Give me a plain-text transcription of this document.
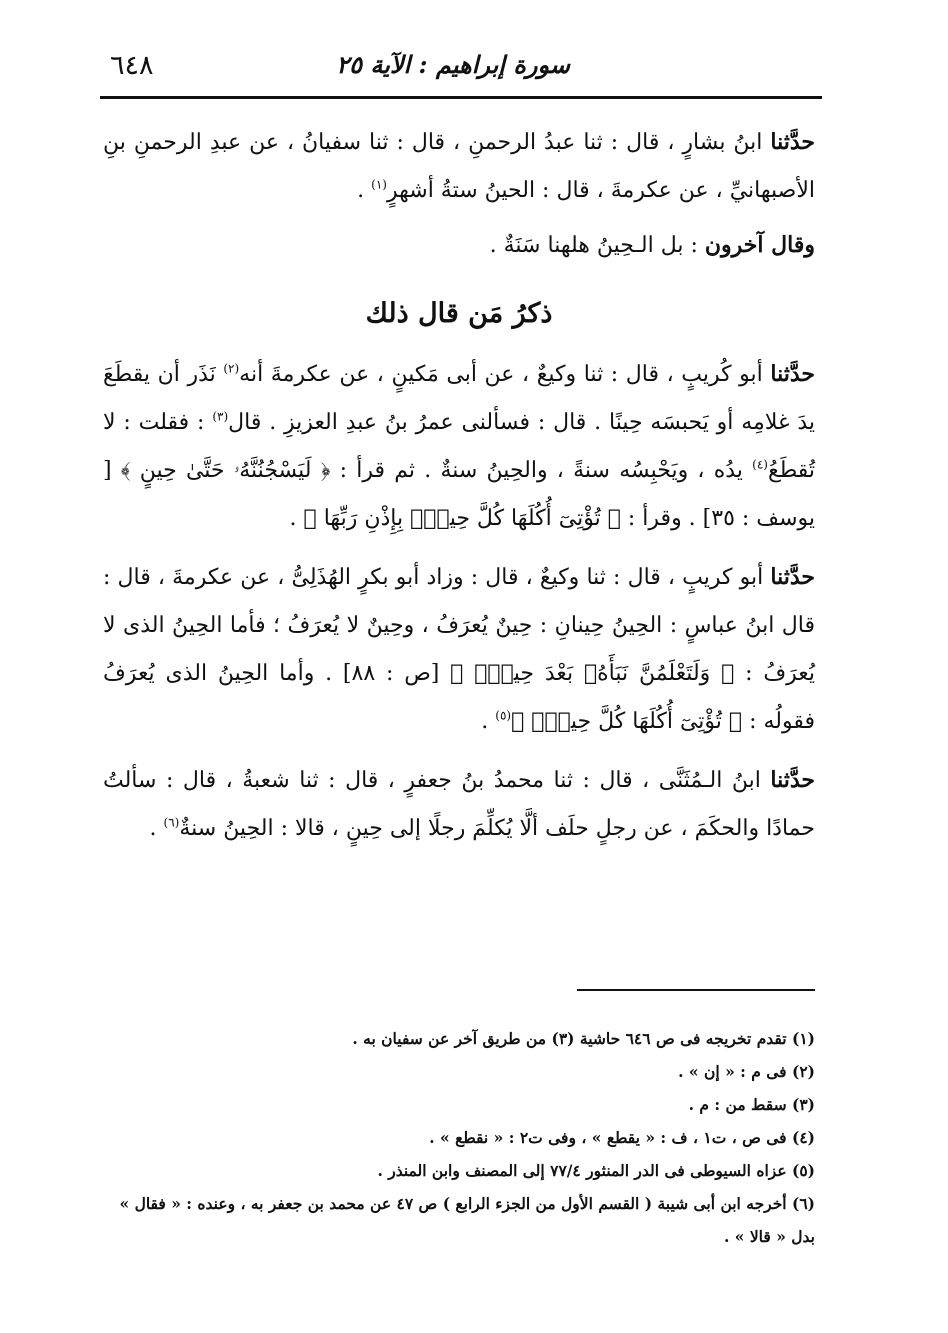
٦٤٨	سورة إبراهيم : الآية ٢٥

حدَّثنا ابنُ بشارٍ ، قال : ثنا عبدُ الرحمنِ ، قال : ثنا سفيانُ ، عن عبدِ الرحمنِ بنِ الأصبهانيِّ ، عن عكرمةَ ، قال : الحينُ ستةُ أشهرٍ$^{(١)}$ .

وقال آخرون : بل الـحِينُ هلهنا سَنَةٌ .

ذكرُ مَن قال ذلك

حدَّثنا أبو كُريبٍ ، قال : ثنا وكيعٌ ، عن أبى مَكينٍ ، عن عكرمةَ أنه$^{(٢)}$ نَذَر أن يقطَعَ يدَ غلامِه أو يَحبسَه حِينًا . قال : فسألنى عمرُ بنُ عبدِ العزيزِ . قال$^{(٣)}$ : فقلت : لا تُقطَعُ$^{(٤)}$ يدُه ، ويَحْبِسُه سنةً ، والحِينُ سنةٌ . ثم قرأ : ﴿ لَيَسْجُنُنَّهُۥ حَتَّىٰ حِينٍ ﴾ [ يوسف : ٣٥] . وقرأ : ﴿ تُؤْتِىٓ أُكُلَهَا كُلَّ حِينٍۭ بِإِذْنِ رَبِّهَا ﴾ .

حدَّثنا أبو كريبٍ ، قال : ثنا وكيعٌ ، قال : وزاد أبو بكرٍ الهُذَلِىُّ ، عن عكرمةَ ، قال : قال ابنُ عباسٍ : الحِينُ حِينانِ : حِينٌ يُعرَفُ ، وحِينٌ لا يُعرَفُ ؛ فأما الحِينُ الذى لا يُعرَفُ : ﴿ وَلَتَعْلَمُنَّ نَبَأَهُۥ بَعْدَ حِينٍۭ ﴾ [ص : ٨٨] . وأما الحِينُ الذى يُعرَفُ فقولُه : ﴿ تُؤْتِىٓ أُكُلَهَا كُلَّ حِينٍۭ ﴾$^{(٥)}$ .

حدَّثنا ابنُ الـمُثَنَّى ، قال : ثنا محمدُ بنُ جعفرٍ ، قال : ثنا شعبةُ ، قال : سألتُ حمادًا والحكَمَ ، عن رجلٍ حلَف ألَّا يُكلِّمَ رجلًا إلى حِينٍ ، قالا : الحِينُ سنةٌ$^{(٦)}$ .

(١) تقدم تخريجه فى ص ٦٤٦ حاشية (٣) من طريق آخر عن سفيان به .

(٢) فى م : « إن » .

(٣) سقط من : م .

(٤) فى ص ، ت١ ، ف : « يقطع » ، وفى ت٢ : « نقطع » .

(٥) عزاه السيوطى فى الدر المنثور ٧٧/٤ إلى المصنف وابن المنذر .

(٦) أخرجه ابن أبى شيبة ( القسم الأول من الجزء الرابع ) ص ٤٧ عن محمد بن جعفر به ، وعنده : « فقال » بدل « قالا » .
